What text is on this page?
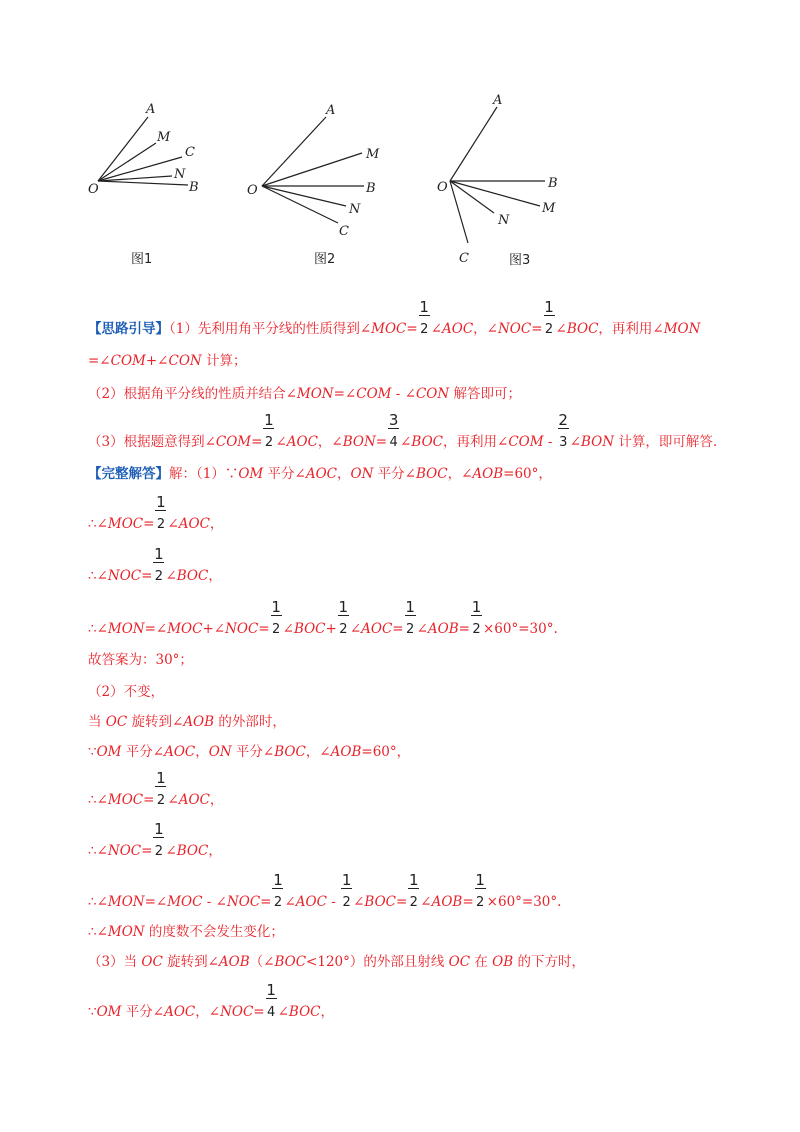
A
M
C
N
B
O
图1
A
M
B
N
C
O
图2
A
B
M
N
C
O
图3
【思路引导】（1）先利用角平分线的性质得到∠MOC= $\frac{1}{2}\angle AOC$，∠NOC= $\frac{1}{2}\angle BOC$，再利用∠MON
=∠COM+∠CON 计算；
（2）根据角平分线的性质并结合∠MON=∠COM - ∠CON 解答即可；
（3）根据题意得到∠COM= $\frac{1}{2}\angle AOC$，∠BON= $\frac{3}{4}\angle BOC$，再利用∠COM - $\frac{2}{3}\angle BON$ 计算，即可解答.
【完整解答】解：（1）∵OM 平分∠AOC，ON 平分∠BOC，∠AOB=60°，
∴∠MOC= $\frac{1}{2}\angle AOC$，
∴∠NOC= $\frac{1}{2}\angle BOC$，
∴∠MON=∠MOC+∠NOC= $\frac{1}{2}\angle BOC+$ $\frac{1}{2}\angle AOC=$ $\frac{1}{2}\angle AOB= \frac{1}{2}\times 60^\circ=30^\circ$.
故答案为：30°；
（2）不变，
当 OC 旋转到∠AOB 的外部时，
∵OM 平分∠AOC，ON 平分∠BOC，∠AOB=60°，
∴∠MOC= $\frac{1}{2}\angle AOC$，
∴∠NOC= $\frac{1}{2}\angle BOC$，
∴∠MON=∠MOC - ∠NOC= $\frac{1}{2}\angle AOC$ - $\frac{1}{2}\angle BOC=$ $\frac{1}{2}\angle AOB= \frac{1}{2}\times 60^\circ=30^\circ$.
∴∠MON 的度数不会发生变化；
（3）当 OC 旋转到∠AOB（∠BOC<120°）的外部且射线 OC 在 OB 的下方时，
∵OM 平分∠AOC，∠NOC= $\frac{1}{4}\angle BOC$，
